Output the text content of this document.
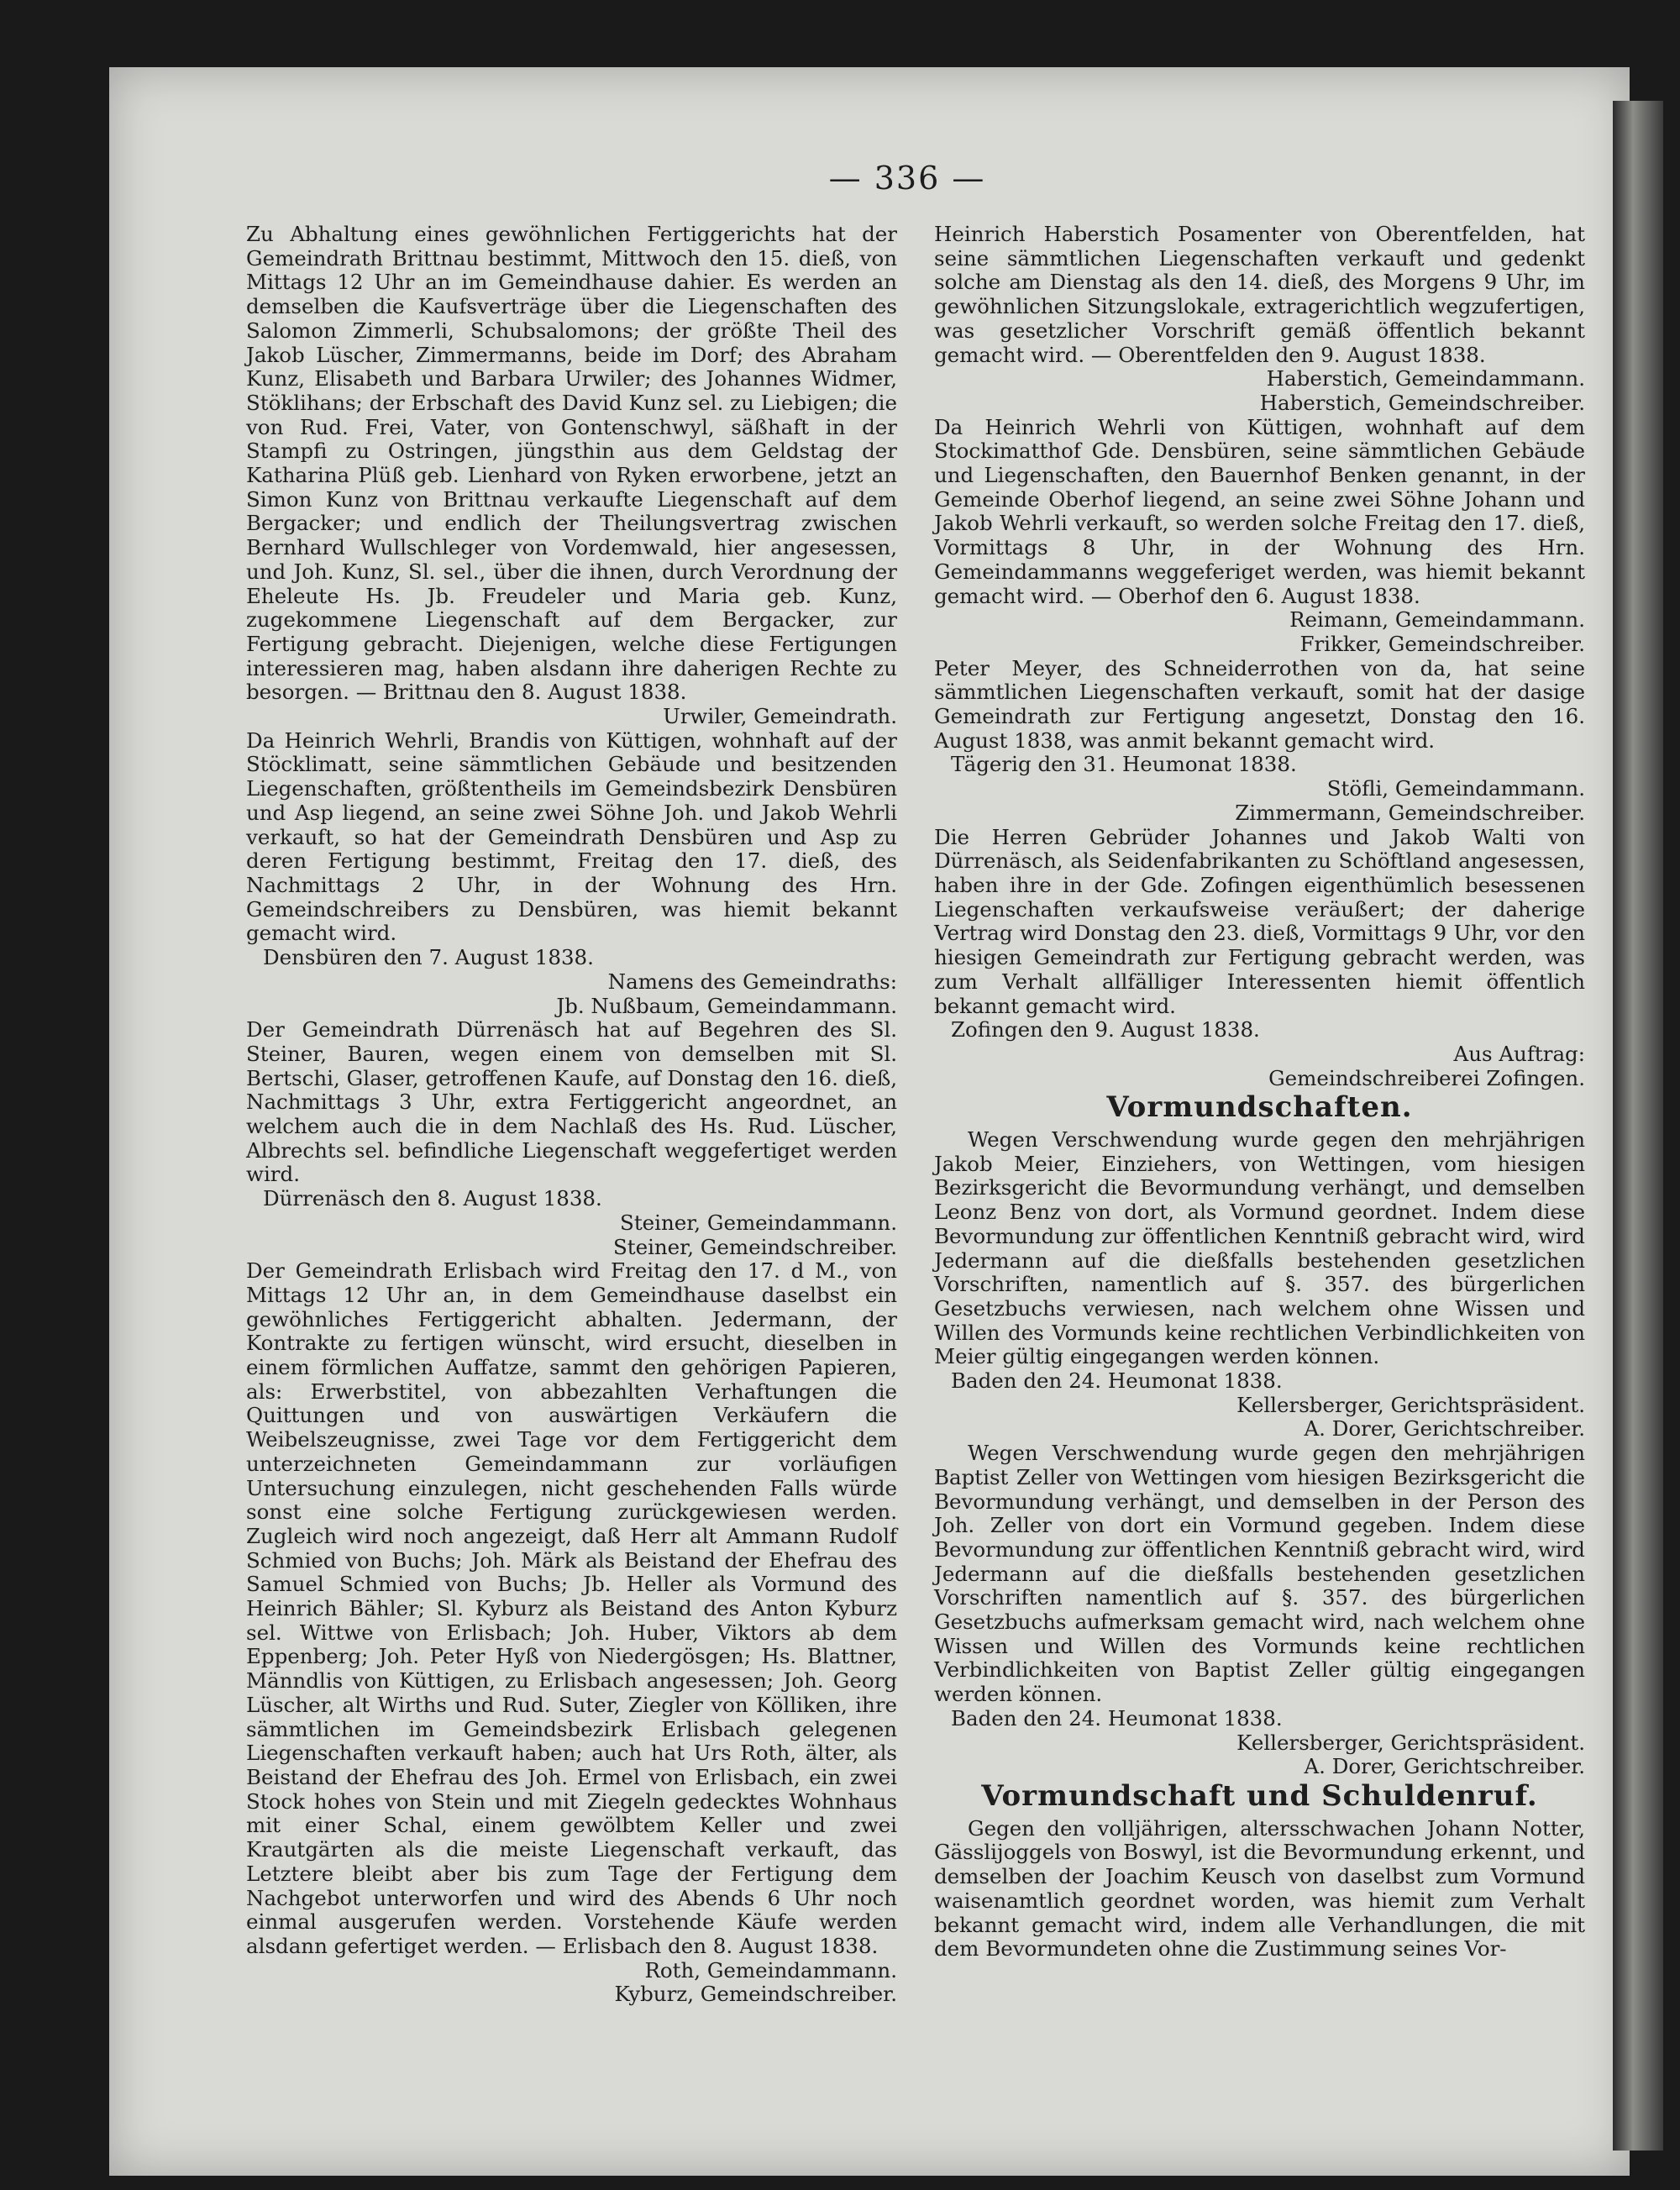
— 336 —

Zu Abhaltung eines gewöhnlichen Fertiggerichts hat der Gemeindrath Brittnau bestimmt, Mittwoch den 15. dieß, von Mittags 12 Uhr an im Gemeindhause dahier. Es werden an demselben die Kaufsverträge über die Liegenschaften des Salomon Zimmerli, Schubsalomons; der größte Theil des Jakob Lüscher, Zimmermanns, beide im Dorf; des Abraham Kunz, Elisabeth und Barbara Urwiler; des Johannes Widmer, Stöklihans; der Erbschaft des David Kunz sel. zu Liebigen; die von Rud. Frei, Vater, von Gontenschwyl, säßhaft in der Stampfi zu Ostringen, jüngsthin aus dem Geldstag der Katharina Plüß geb. Lienhard von Ryken erworbene, jetzt an Simon Kunz von Brittnau verkaufte Liegenschaft auf dem Bergacker; und endlich der Theilungsvertrag zwischen Bernhard Wullschleger von Vordemwald, hier angesessen, und Joh. Kunz, Sl. sel., über die ihnen, durch Verordnung der Eheleute Hs. Jb. Freudeler und Maria geb. Kunz, zugekommene Liegenschaft auf dem Bergacker, zur Fertigung gebracht. Diejenigen, welche diese Fertigungen interessieren mag, haben alsdann ihre daherigen Rechte zu besorgen. — Brittnau den 8. August 1838.

Urwiler, Gemeindrath.

Da Heinrich Wehrli, Brandis von Küttigen, wohnhaft auf der Stöcklimatt, seine sämmtlichen Gebäude und besitzenden Liegenschaften, größtentheils im Gemeindsbezirk Densbüren und Asp liegend, an seine zwei Söhne Joh. und Jakob Wehrli verkauft, so hat der Gemeindrath Densbüren und Asp zu deren Fertigung bestimmt, Freitag den 17. dieß, des Nachmittags 2 Uhr, in der Wohnung des Hrn. Gemeindschreibers zu Densbüren, was hiemit bekannt gemacht wird.

Densbüren den 7. August 1838.

Namens des Gemeindraths:

Jb. Nußbaum, Gemeindammann.

Der Gemeindrath Dürrenäsch hat auf Begehren des Sl. Steiner, Bauren, wegen einem von demselben mit Sl. Bertschi, Glaser, getroffenen Kaufe, auf Donstag den 16. dieß, Nachmittags 3 Uhr, extra Fertiggericht angeordnet, an welchem auch die in dem Nachlaß des Hs. Rud. Lüscher, Albrechts sel. befindliche Liegenschaft weggefertiget werden wird.

Dürrenäsch den 8. August 1838.

Steiner, Gemeindammann.

Steiner, Gemeindschreiber.

Der Gemeindrath Erlisbach wird Freitag den 17. d M., von Mittags 12 Uhr an, in dem Gemeindhause daselbst ein gewöhnliches Fertiggericht abhalten. Jedermann, der Kontrakte zu fertigen wünscht, wird ersucht, dieselben in einem förmlichen Auffatze, sammt den gehörigen Papieren, als: Erwerbstitel, von abbezahlten Verhaftungen die Quittungen und von auswärtigen Verkäufern die Weibelszeugnisse, zwei Tage vor dem Fertiggericht dem unterzeichneten Gemeindammann zur vorläufigen Untersuchung einzulegen, nicht geschehenden Falls würde sonst eine solche Fertigung zurückgewiesen werden. Zugleich wird noch angezeigt, daß Herr alt Ammann Rudolf Schmied von Buchs; Joh. Märk als Beistand der Ehefrau des Samuel Schmied von Buchs; Jb. Heller als Vormund des Heinrich Bähler; Sl. Kyburz als Beistand des Anton Kyburz sel. Wittwe von Erlisbach; Joh. Huber, Viktors ab dem Eppenberg; Joh. Peter Hyß von Niedergösgen; Hs. Blattner, Männdlis von Küttigen, zu Erlisbach angesessen; Joh. Georg Lüscher, alt Wirths und Rud. Suter, Ziegler von Kölliken, ihre sämmtlichen im Gemeindsbezirk Erlisbach gelegenen Liegenschaften verkauft haben; auch hat Urs Roth, älter, als Beistand der Ehefrau des Joh. Ermel von Erlisbach, ein zwei Stock hohes von Stein und mit Ziegeln gedecktes Wohnhaus mit einer Schal, einem gewölbtem Keller und zwei Krautgärten als die meiste Liegenschaft verkauft, das Letztere bleibt aber bis zum Tage der Fertigung dem Nachgebot unterworfen und wird des Abends 6 Uhr noch einmal ausgerufen werden. Vorstehende Käufe werden alsdann gefertiget werden. — Erlisbach den 8. August 1838.

Roth, Gemeindammann.

Kyburz, Gemeindschreiber.

Heinrich Haberstich Posamenter von Oberentfelden, hat seine sämmtlichen Liegenschaften verkauft und gedenkt solche am Dienstag als den 14. dieß, des Morgens 9 Uhr, im gewöhnlichen Sitzungslokale, extragerichtlich wegzufertigen, was gesetzlicher Vorschrift gemäß öffentlich bekannt gemacht wird. — Oberentfelden den 9. August 1838.

Haberstich, Gemeindammann.

Haberstich, Gemeindschreiber.

Da Heinrich Wehrli von Küttigen, wohnhaft auf dem Stockimatthof Gde. Densbüren, seine sämmtlichen Gebäude und Liegenschaften, den Bauernhof Benken genannt, in der Gemeinde Oberhof liegend, an seine zwei Söhne Johann und Jakob Wehrli verkauft, so werden solche Freitag den 17. dieß, Vormittags 8 Uhr, in der Wohnung des Hrn. Gemeindammanns weggeferiget werden, was hiemit bekannt gemacht wird. — Oberhof den 6. August 1838.

Reimann, Gemeindammann.

Frikker, Gemeindschreiber.

Peter Meyer, des Schneiderrothen von da, hat seine sämmtlichen Liegenschaften verkauft, somit hat der dasige Gemeindrath zur Fertigung angesetzt, Donstag den 16. August 1838, was anmit bekannt gemacht wird.

Tägerig den 31. Heumonat 1838.

Stöfli, Gemeindammann.

Zimmermann, Gemeindschreiber.

Die Herren Gebrüder Johannes und Jakob Walti von Dürrenäsch, als Seidenfabrikanten zu Schöftland angesessen, haben ihre in der Gde. Zofingen eigenthümlich besessenen Liegenschaften verkaufsweise veräußert; der daherige Vertrag wird Donstag den 23. dieß, Vormittags 9 Uhr, vor den hiesigen Gemeindrath zur Fertigung gebracht werden, was zum Verhalt allfälliger Interessenten hiemit öffentlich bekannt gemacht wird.

Zofingen den 9. August 1838.

Aus Auftrag:

Gemeindschreiberei Zofingen.

Vormundschaften.

Wegen Verschwendung wurde gegen den mehrjährigen Jakob Meier, Einziehers, von Wettingen, vom hiesigen Bezirksgericht die Bevormundung verhängt, und demselben Leonz Benz von dort, als Vormund geordnet. Indem diese Bevormundung zur öffentlichen Kenntniß gebracht wird, wird Jedermann auf die dießfalls bestehenden gesetzlichen Vorschriften, namentlich auf §. 357. des bürgerlichen Gesetzbuchs verwiesen, nach welchem ohne Wissen und Willen des Vormunds keine rechtlichen Verbindlichkeiten von Meier gültig eingegangen werden können.

Baden den 24. Heumonat 1838.

Kellersberger, Gerichtspräsident.

A. Dorer, Gerichtschreiber.

Wegen Verschwendung wurde gegen den mehrjährigen Baptist Zeller von Wettingen vom hiesigen Bezirksgericht die Bevormundung verhängt, und demselben in der Person des Joh. Zeller von dort ein Vormund gegeben. Indem diese Bevormundung zur öffentlichen Kenntniß gebracht wird, wird Jedermann auf die dießfalls bestehenden gesetzlichen Vorschriften namentlich auf §. 357. des bürgerlichen Gesetzbuchs aufmerksam gemacht wird, nach welchem ohne Wissen und Willen des Vormunds keine rechtlichen Verbindlichkeiten von Baptist Zeller gültig eingegangen werden können.

Baden den 24. Heumonat 1838.

Kellersberger, Gerichtspräsident.

A. Dorer, Gerichtschreiber.

Vormundschaft und Schuldenruf.

Gegen den volljährigen, altersschwachen Johann Notter, Gässlijoggels von Boswyl, ist die Bevormundung erkennt, und demselben der Joachim Keusch von daselbst zum Vormund waisenamtlich geordnet worden, was hiemit zum Verhalt bekannt gemacht wird, indem alle Verhandlungen, die mit dem Bevormundeten ohne die Zustimmung seines Vor-
